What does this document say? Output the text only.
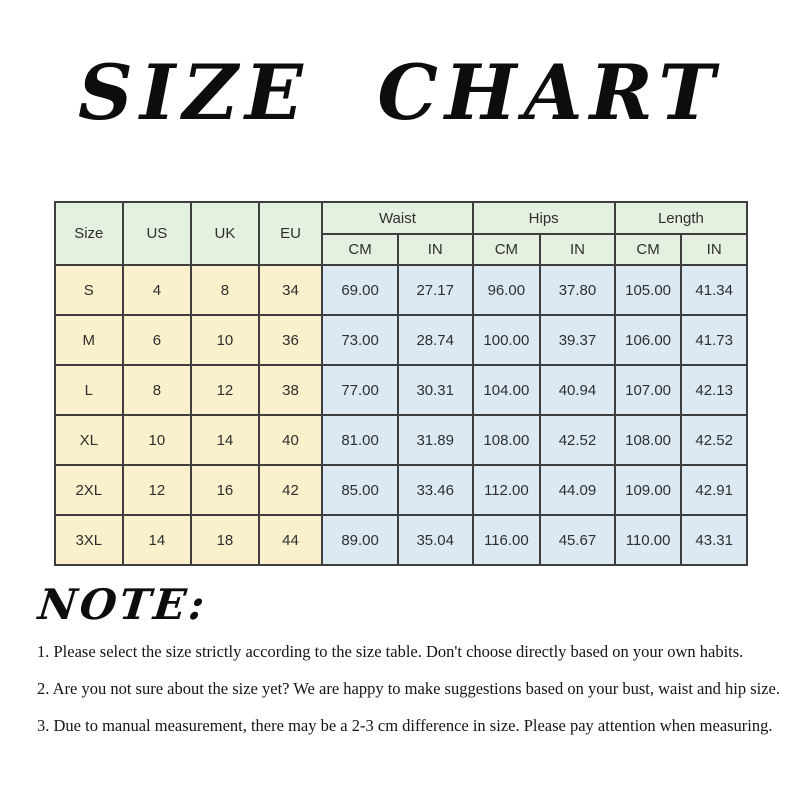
SIZE CHART
Size	US	UK	EU	Waist		Hips		Length	
				CM	IN	CM	IN	CM	IN
S	4	8	34	69.00	27.17	96.00	37.80	105.00	41.34
M	6	10	36	73.00	28.74	100.00	39.37	106.00	41.73
L	8	12	38	77.00	30.31	104.00	40.94	107.00	42.13
XL	10	14	40	81.00	31.89	108.00	42.52	108.00	42.52
2XL	12	16	42	85.00	33.46	112.00	44.09	109.00	42.91
3XL	14	18	44	89.00	35.04	116.00	45.67	110.00	43.31
NOTE:

1. Please select the size strictly according to the size table. Don't choose directly based on your own habits.

2. Are you not sure about the size yet? We are happy to make suggestions based on your bust, waist and hip size.

3. Due to manual measurement, there may be a 2-3 cm difference in size. Please pay attention when measuring.
